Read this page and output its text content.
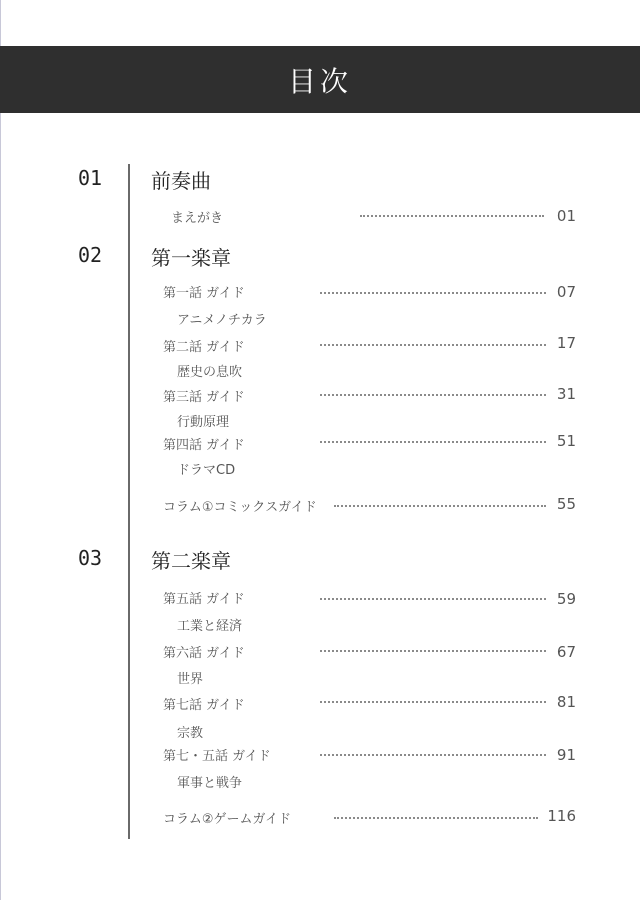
目次
01 前奏曲
まえがき	01
02 第一楽章
第一話 ガイド	07
アニメノチカラ
第二話 ガイド	17
歴史の息吹
第三話 ガイド	31
行動原理
第四話 ガイド	51
ドラマCD
コラム①コミックスガイド	55
03 第二楽章
第五話 ガイド	59
工業と経済
第六話 ガイド	67
世界
第七話 ガイド	81
宗教
第七・五話 ガイド	91
軍事と戦争
コラム②ゲームガイド	116
